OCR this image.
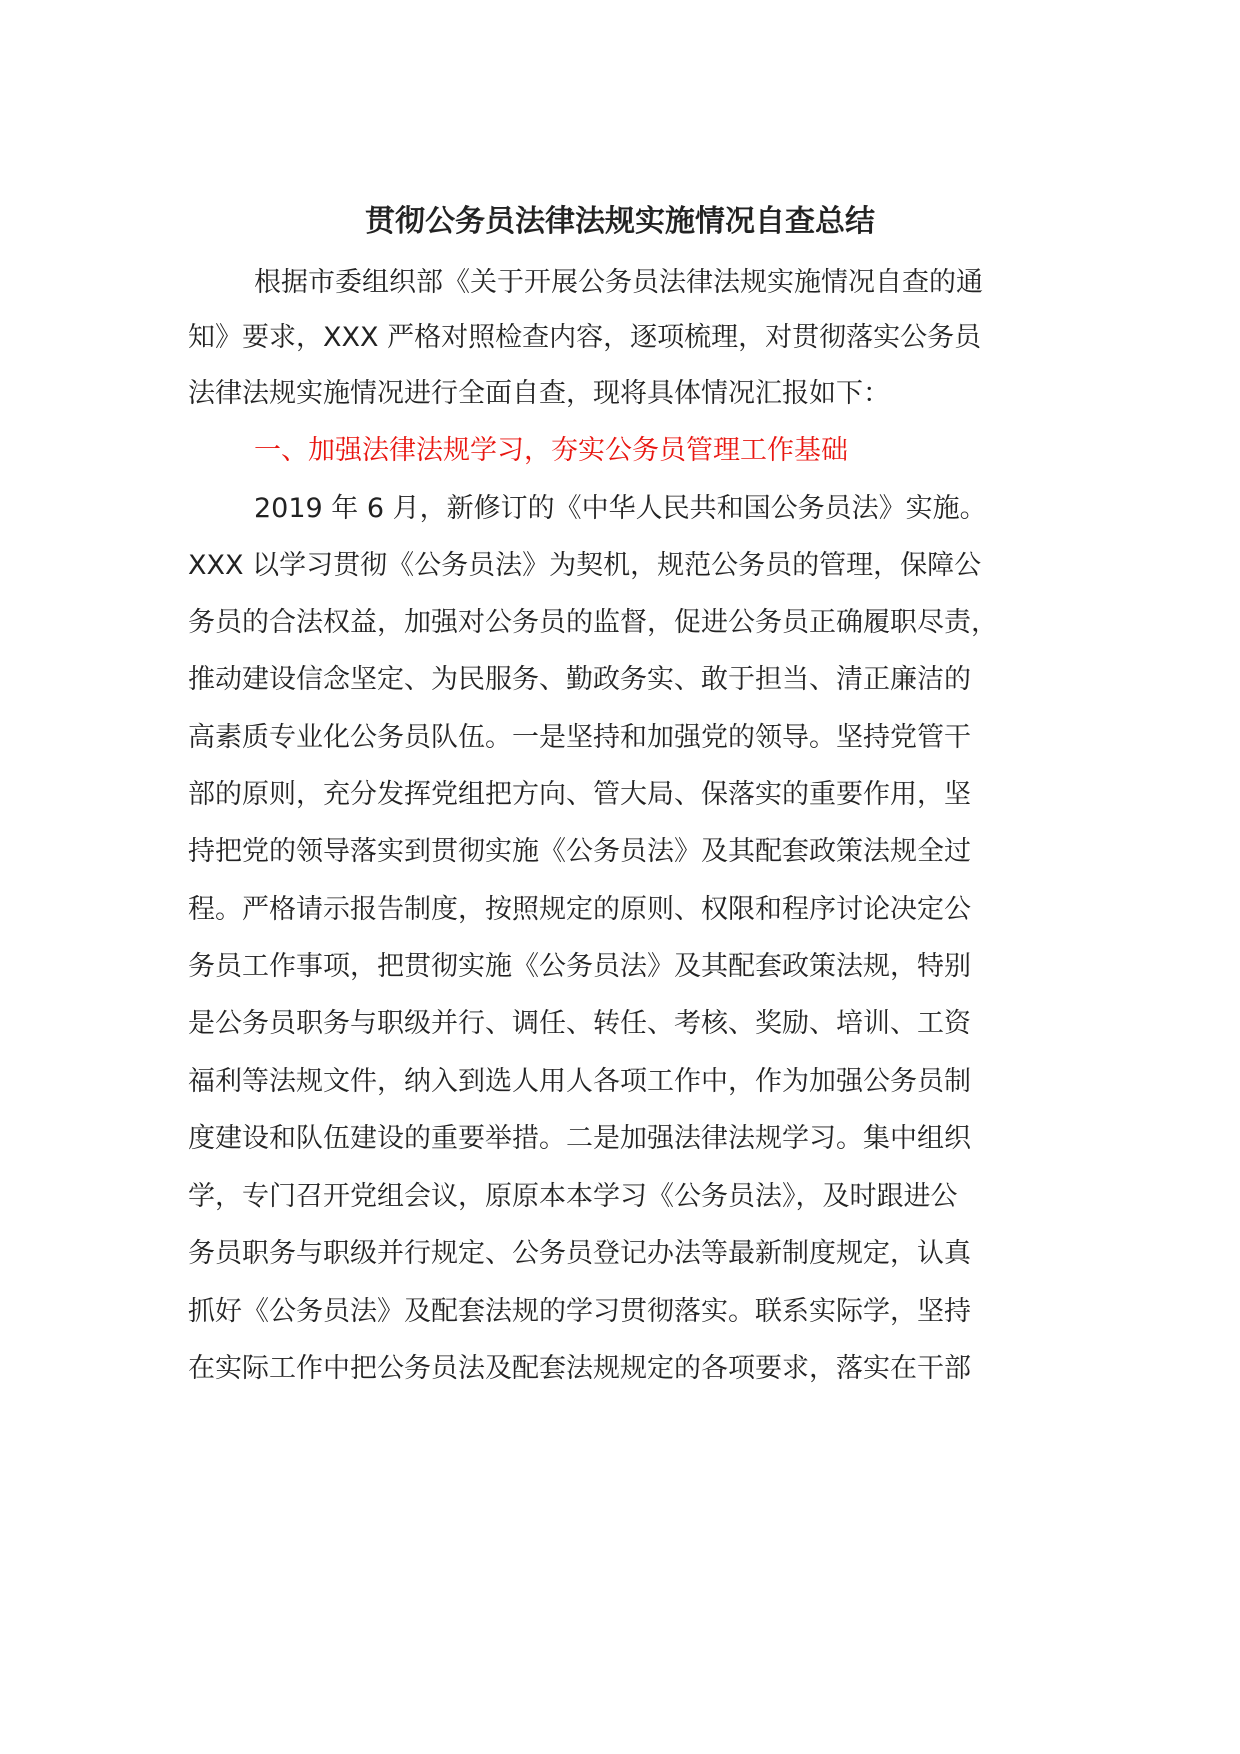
贯彻公务员法律法规实施情况自查总结

根据市委组织部《关于开展公务员法律法规实施情况自查的通

知》要求，XXX 严格对照检查内容，逐项梳理，对贯彻落实公务员

法律法规实施情况进行全面自查，现将具体情况汇报如下：

一、加强法律法规学习，夯实公务员管理工作基础

2019 年 6 月，新修订的《中华人民共和国公务员法》实施。

XXX 以学习贯彻《公务员法》为契机，规范公务员的管理，保障公

务员的合法权益，加强对公务员的监督，促进公务员正确履职尽责，

推动建设信念坚定、为民服务、勤政务实、敢于担当、清正廉洁的

高素质专业化公务员队伍。一是坚持和加强党的领导。坚持党管干

部的原则，充分发挥党组把方向、管大局、保落实的重要作用，坚

持把党的领导落实到贯彻实施《公务员法》及其配套政策法规全过

程。严格请示报告制度，按照规定的原则、权限和程序讨论决定公

务员工作事项，把贯彻实施《公务员法》及其配套政策法规，特别

是公务员职务与职级并行、调任、转任、考核、奖励、培训、工资

福利等法规文件，纳入到选人用人各项工作中，作为加强公务员制

度建设和队伍建设的重要举措。二是加强法律法规学习。集中组织

学，专门召开党组会议，原原本本学习《公务员法》，及时跟进公

务员职务与职级并行规定、公务员登记办法等最新制度规定，认真

抓好《公务员法》及配套法规的学习贯彻落实。联系实际学，坚持

在实际工作中把公务员法及配套法规规定的各项要求，落实在干部
